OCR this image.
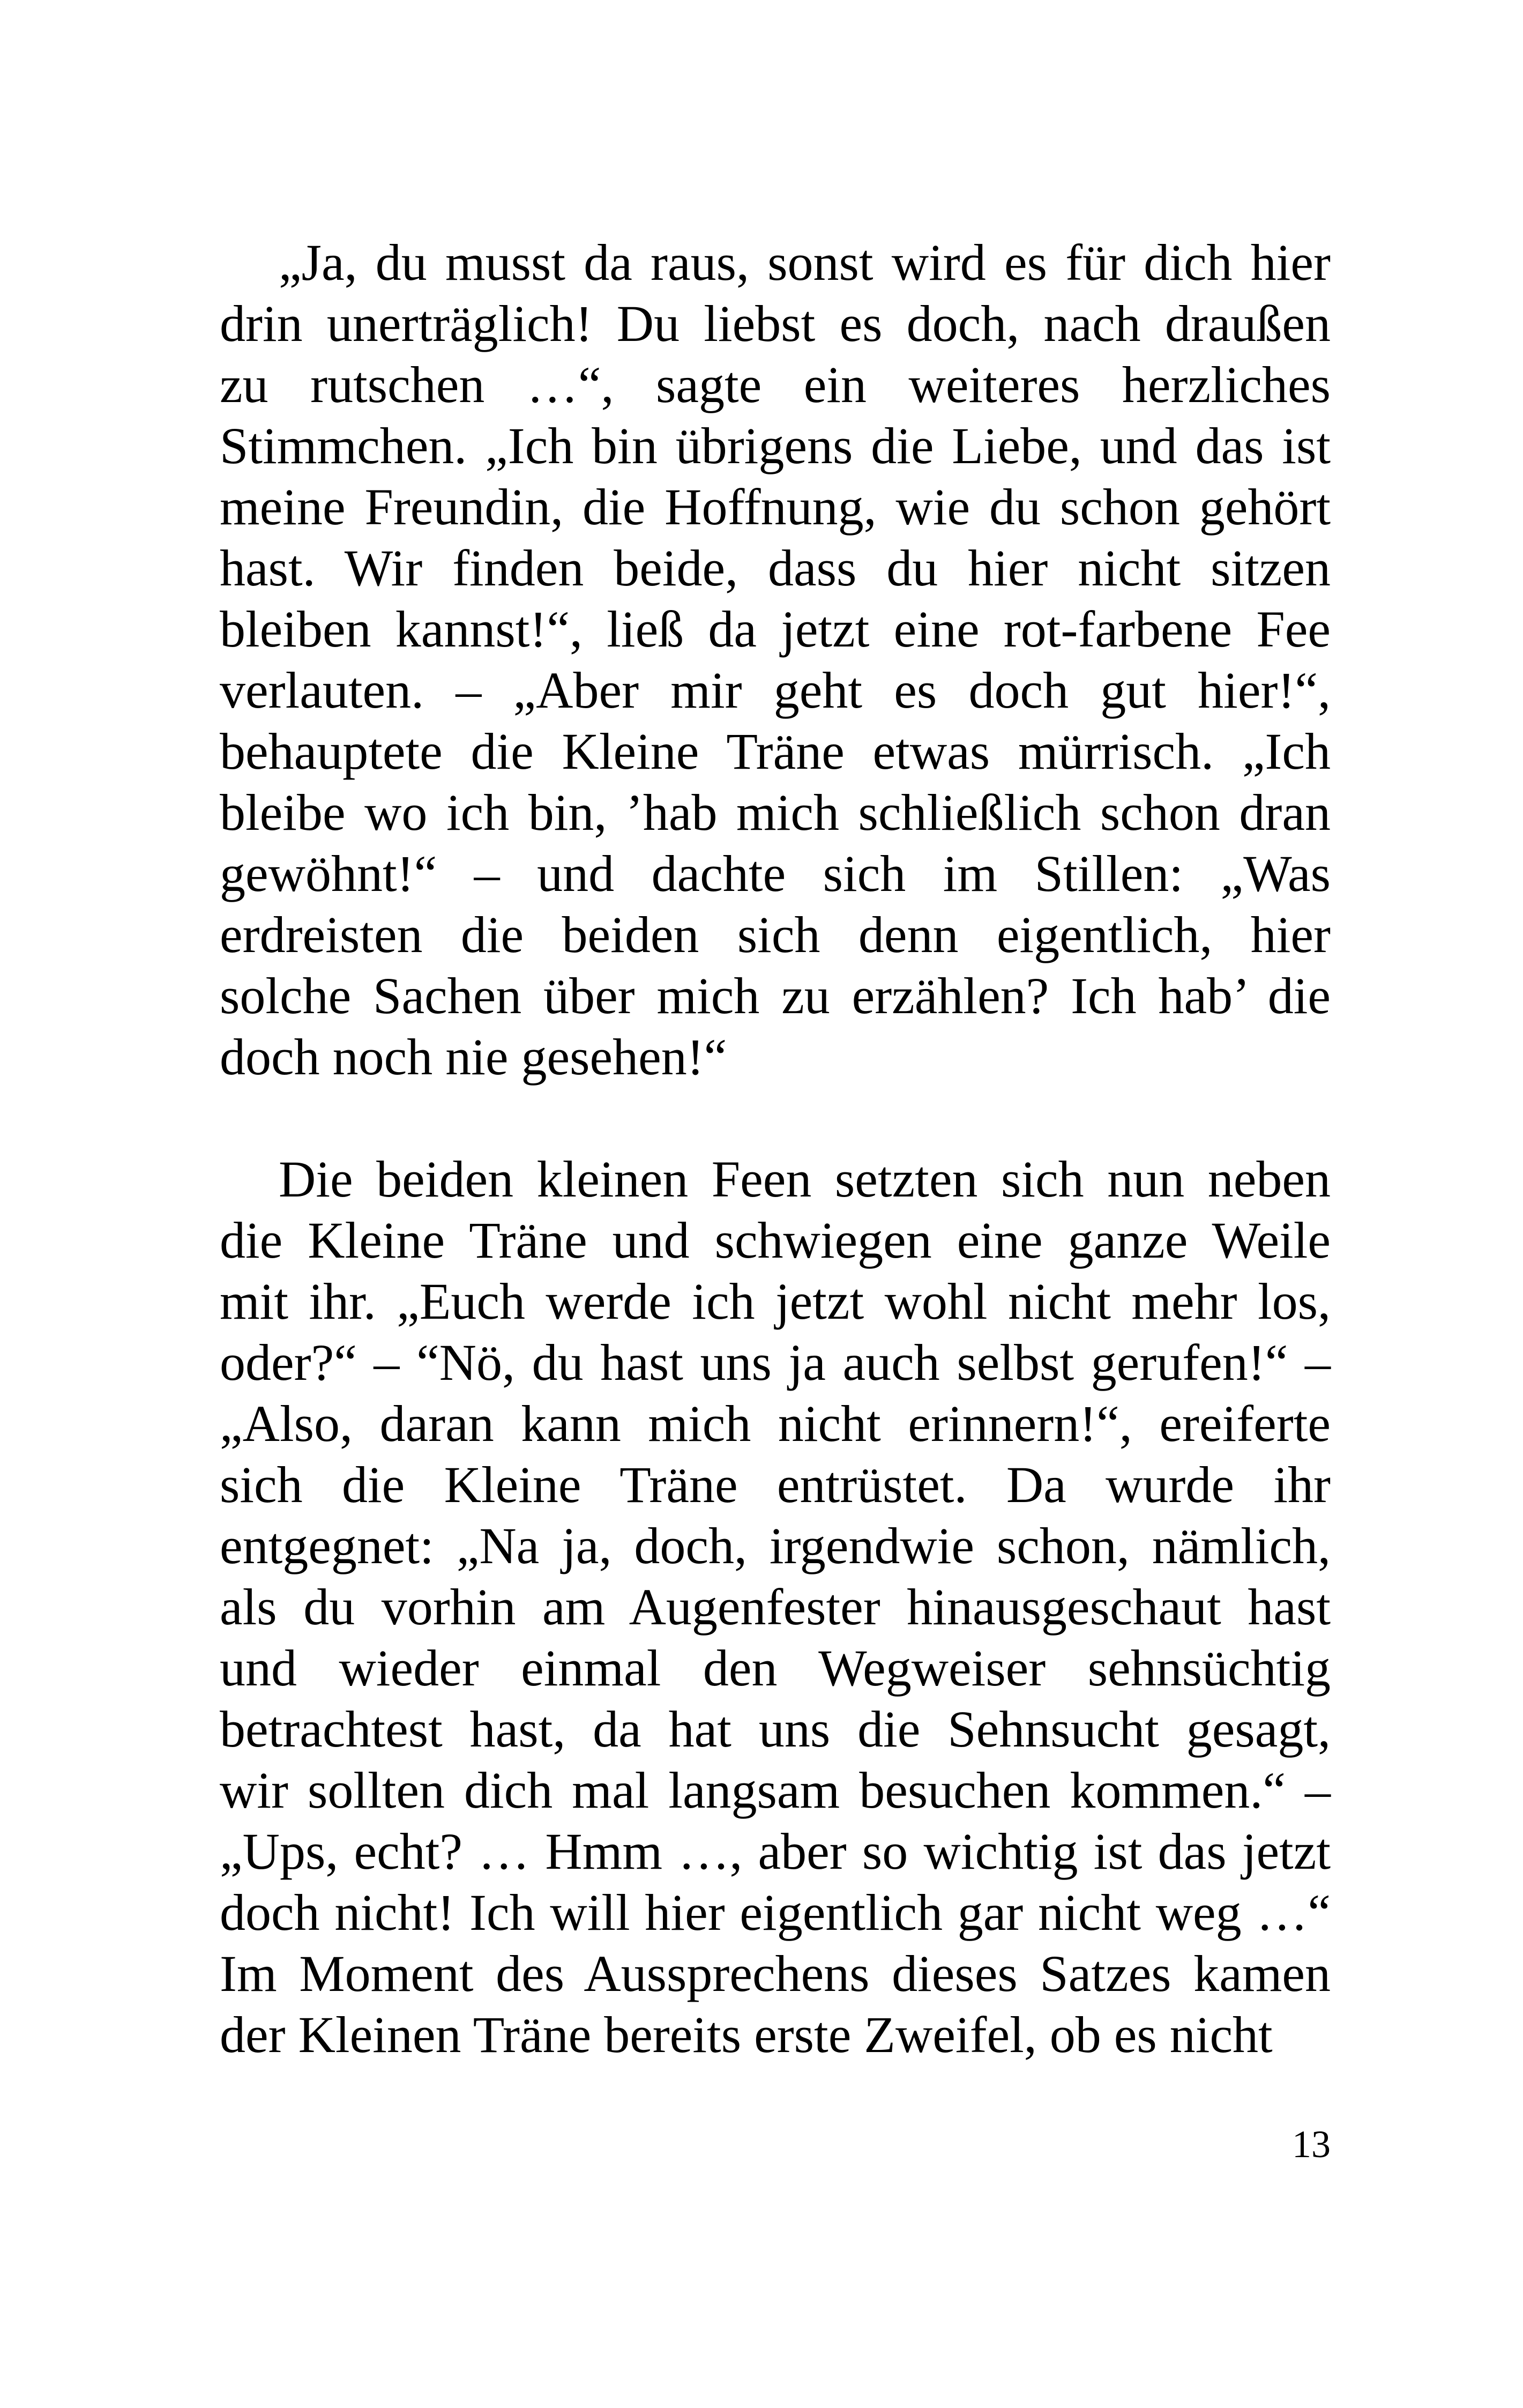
„Ja, du musst da raus, sonst wird es für dich hier
drin unerträglich! Du liebst es doch, nach draußen
zu rutschen …“, sagte ein weiteres herzliches
Stimmchen. „Ich bin übrigens die Liebe, und das ist
meine Freundin, die Hoffnung, wie du schon gehört
hast. Wir finden beide, dass du hier nicht sitzen
bleiben kannst!“, ließ da jetzt eine rot-farbene Fee
verlauten. – „Aber mir geht es doch gut hier!“,
behauptete die Kleine Träne etwas mürrisch. „Ich
bleibe wo ich bin, ’hab mich schließlich schon dran
gewöhnt!“ – und dachte sich im Stillen: „Was
erdreisten die beiden sich denn eigentlich, hier
solche Sachen über mich zu erzählen? Ich hab’ die
doch noch nie gesehen!“
Die beiden kleinen Feen setzten sich nun neben
die Kleine Träne und schwiegen eine ganze Weile
mit ihr. „Euch werde ich jetzt wohl nicht mehr los,
oder?“ – “Nö, du hast uns ja auch selbst gerufen!“ –
„Also, daran kann mich nicht erinnern!“, ereiferte
sich die Kleine Träne entrüstet. Da wurde ihr
entgegnet: „Na ja, doch, irgendwie schon, nämlich,
als du vorhin am Augenfester hinausgeschaut hast
und wieder einmal den Wegweiser sehnsüchtig
betrachtest hast, da hat uns die Sehnsucht gesagt,
wir sollten dich mal langsam besuchen kommen.“ –
„Ups, echt? … Hmm …, aber so wichtig ist das jetzt
doch nicht! Ich will hier eigentlich gar nicht weg …“
Im Moment des Aussprechens dieses Satzes kamen
der Kleinen Träne bereits erste Zweifel, ob es nicht
13
